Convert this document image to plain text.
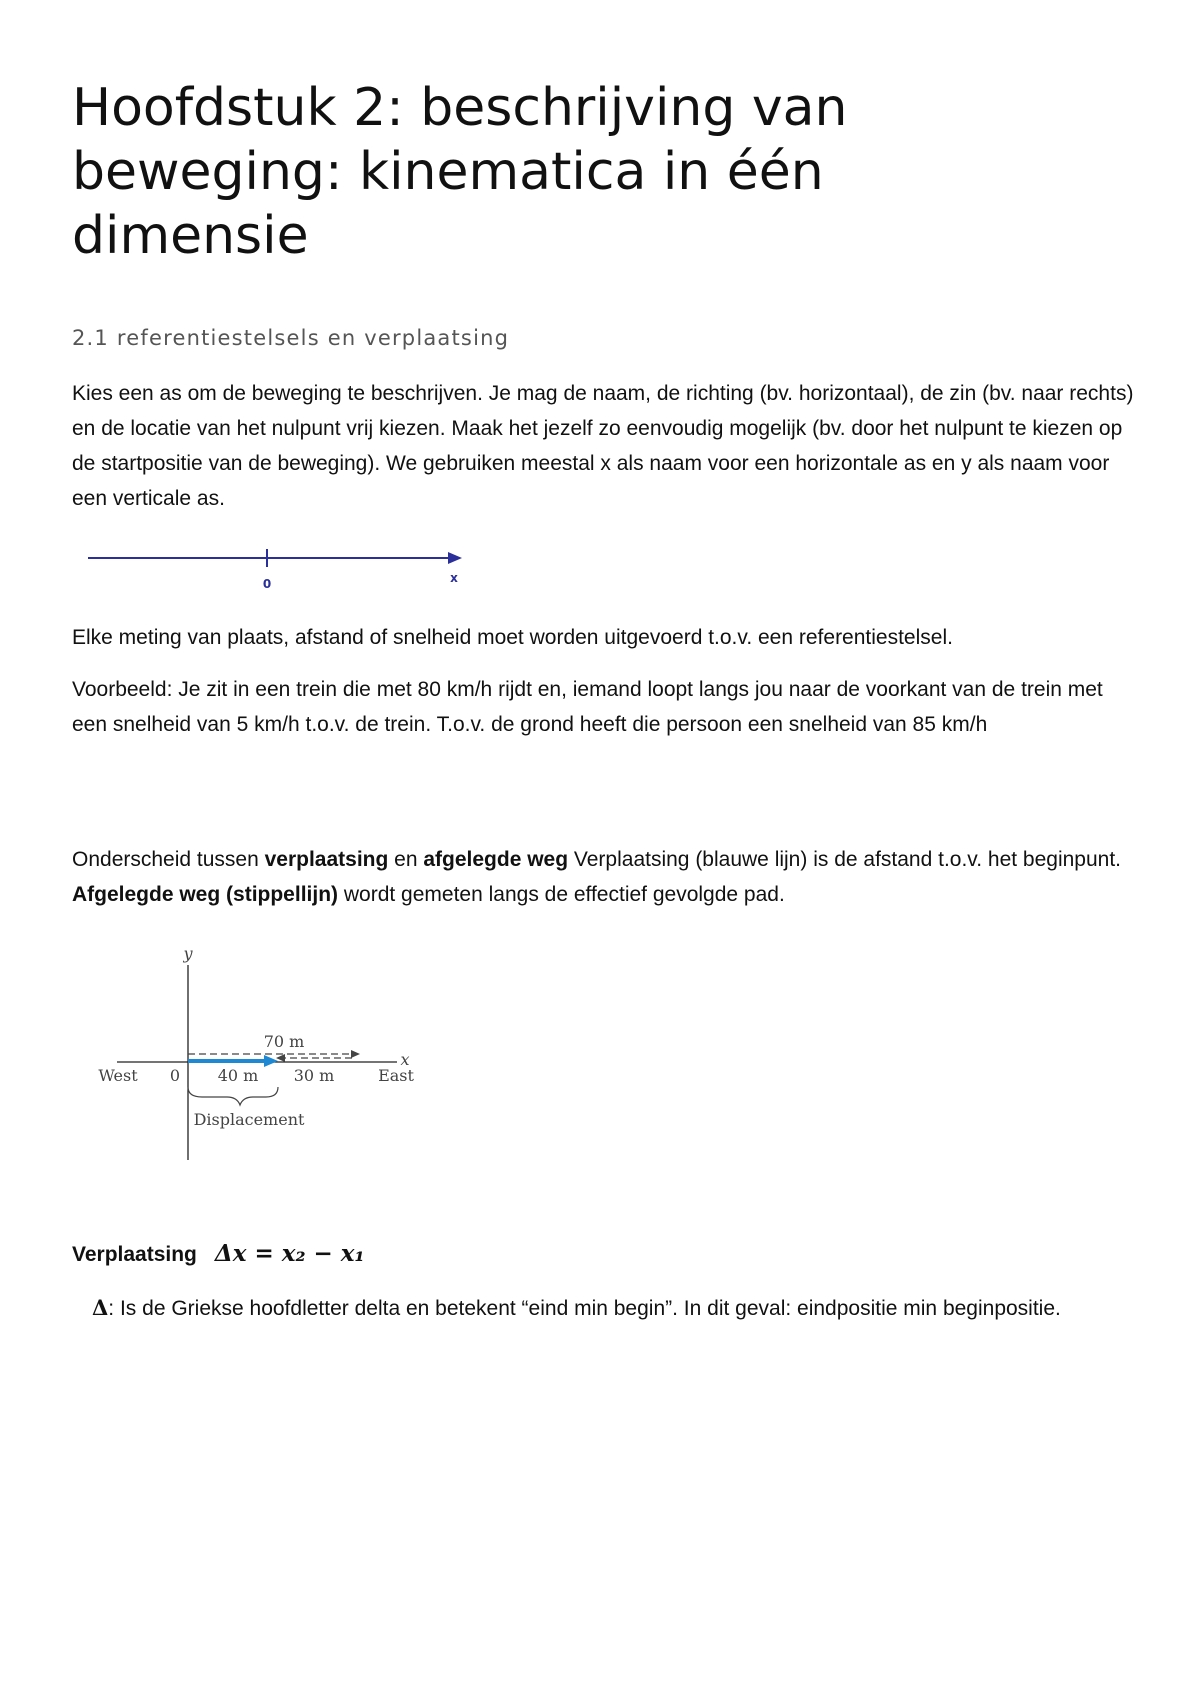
Hoofdstuk 2: beschrijving van beweging: kinematica in één dimensie
2.1 referentiestelsels en verplaatsing

Kies een as om de beweging te beschrijven. Je mag de naam, de richting (bv. horizontaal), de zin (bv. naar rechts) en de locatie van het nulpunt vrij kiezen. Maak het jezelf zo eenvoudig mogelijk (bv. door het nulpunt te kiezen op de startpositie van de beweging). We gebruiken meestal x als naam voor een horizontale as en y als naam voor een verticale as.

0	x

Elke meting van plaats, afstand of snelheid moet worden uitgevoerd t.o.v. een referentiestelsel.

Voorbeeld: Je zit in een trein die met 80 km/h rijdt en, iemand loopt langs jou naar de voorkant van de trein met een snelheid van 5 km/h t.o.v. de trein. T.o.v. de grond heeft die persoon een snelheid van 85 km/h

Onderscheid tussen verplaatsing en afgelegde weg Verplaatsing (blauwe lijn) is de afstand t.o.v. het beginpunt. Afgelegde weg (stippellijn) wordt gemeten langs de effectief gevolgde pad.

y
x
70 m
West 0 40 m 30 m	East
Displacement
Verplaatsing Δx = x₂ − x₁

Δ: Is de Griekse hoofdletter delta en betekent “eind min begin”. In dit geval: eindpositie min beginpositie.
